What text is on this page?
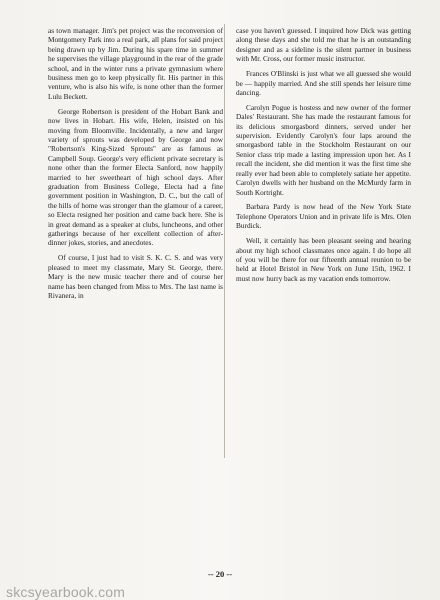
as town manager. Jim's pet project was the reconversion of Montgomery Park into a real park, all plans for said project being drawn up by Jim. During his spare time in summer he supervises the village playground in the rear of the grade school, and in the winter runs a private gymnasium where business men go to keep physically fit. His partner in this venture, who is also his wife, is none other than the former Lulu Beckett.

George Robertson is president of the Hobart Bank and now lives in Hobart. His wife, Helen, insisted on his moving from Bloomville. Incidentally, a new and larger variety of sprouts was developed by George and now "Robertson's King-Sized Sprouts" are as famous as Campbell Soup. George's very efficient private secretary is none other than the former Electa Sanford, now happily married to her sweetheart of high school days. After graduation from Business College, Electa had a fine government position in Washington, D. C., but the call of the hills of home was stronger than the glamour of a career, so Electa resigned her position and came back here. She is in great demand as a speaker at clubs, luncheons, and other gatherings because of her excellent collection of after-dinner jokes, stories, and anecdotes.

Of course, I just had to visit S. K. C. S. and was very pleased to meet my classmate, Mary St. George, there. Mary is the new music teacher there and of course her name has been changed from Miss to Mrs. The last name is Rivanera, in

case you haven't guessed. I inquired how Dick was getting along these days and she told me that he is an outstanding designer and as a sideline is the silent partner in business with Mr. Cross, our former music instructor.

Frances O'Blinski is just what we all guessed she would be — happily married. And she still spends her leisure time dancing.

Carolyn Pogue is hostess and new owner of the former Dales' Restaurant. She has made the restaurant famous for its delicious smorgasbord dinners, served under her supervision. Evidently Carolyn's four laps around the smorgasbord table in the Stockholm Restaurant on our Senior class trip made a lasting impression upon her. As I recall the incident, she did mention it was the first time she really ever had been able to completely satiate her appetite. Carolyn dwells with her husband on the McMurdy farm in South Kortright.

Barbara Pardy is now head of the New York State Telephone Operators Union and in private life is Mrs. Olen Burdick.

Well, it certainly has been pleasant seeing and hearing about my high school classmates once again. I do hope all of you will be there for our fifteenth annual reunion to be held at Hotel Bristol in New York on June 15th, 1962. I must now hurry back as my vacation ends tomorrow.

-- 20 --
skcsyearbook.com
